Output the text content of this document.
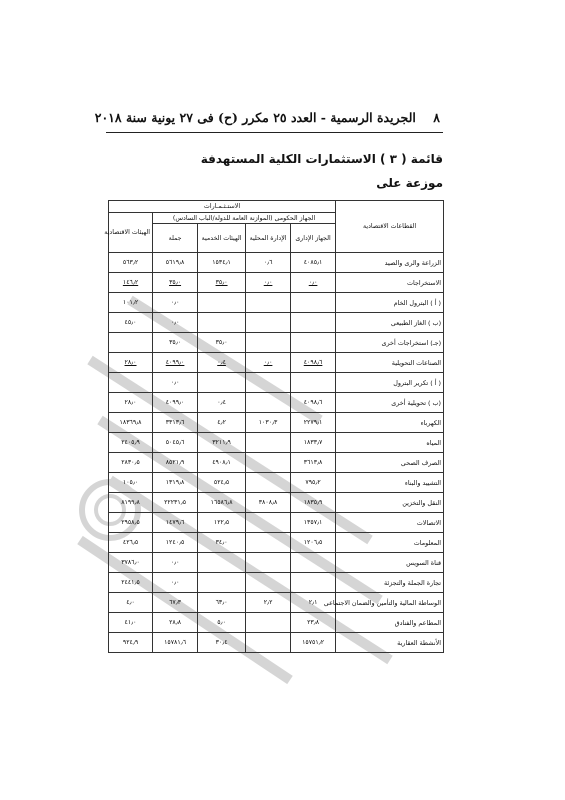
٨    الجريدة الرسمية - العدد ٢٥ مكرر (ح) فى ٢٧ يونية سنة ٢٠١٨
قائمة ( ٣ ) الاستثمارات الكلية المستهدفة
موزعة على
القطاعات الاقتصادية	الاستـثـمـارات				
	الجهاز الحكومى (الموازنة العامة للدولة/الباب السادس)				الهيئات الاقتصادية
	الجهاز الإدارى	الإدارة المحلية	الهيئات الخدمية	جملة	
الزراعة والرى والصيد	٤٠٨٥٫١	٠٫٦	١٥٣٤٫١	٥٦١٩٫٨	٥٦٣٫٢
الاستخراجات	٠٫٠	٠٫٠	٣٥٫٠	٣٥٫٠	١٤٦٫٢
( أ ) البترول الخام				٠٫٠	١٠١٫٢
(ب ) الغاز الطبيعى				٠٫٠	٤٥٫٠
(جـ) استخراجات أخرى			٣٥٫٠	٣٥٫٠	
الصناعات التحويلية	٤٠٩٨٫٦	٠٫٠	٠٫٤	٤٠٩٩٫٠	٢٨٫٠
( أ ) تكرير البترول				٠٫٠	
(ب ) تحويلية أخرى	٤٠٩٨٫٦		٠٫٤	٤٠٩٩٫٠	٢٨٫٠
الكهرباء	٢٢٧٩٫١	١٠٣٠٫٣	٤٫٢	٣٣١٣٫٦	١٨٣٦٩٫٨
المياه	١٨٣٣٫٧		٣٢١١٫٩	٥٠٤٥٫٦	٢٤٠٥٫٩
الصرف الصحى	٣٦١٣٫٨		٤٩٠٨٫١	٨٥٢١٫٩	٢٨٣٠٫٥
التشييد والبناء	٧٩٥٫٢		٥٢٤٫٥	١٣١٩٫٨	١٠٥٫٠
النقل والتخزين	١٨٣٥٫٩	٣٨٠٨٫٨	١٦٥٨٦٫٨	٢٢٢٣١٫٥	٨١٩٩٫٨
الاتصالات	١٣٥٧٫١		١٢٢٫٥	١٤٧٩٫٦	٢٩٥٨٫٥
المعلومات	١٢٠٦٫٥		٣٤٫٠	١٢٤٠٫٥	٤٢٦٫٥
قناة السويس				٠٫٠	٣٧٨٦٫٠
تجارة الجملة والتجزئة				٠٫٠	٢٤٤١٫٥
الوساطة المالية والتأمين والضمان الاجتماعى	٢٫١	٢٫٢	٦٣٫٠	٦٧٫٣	٤٫٠
المطاعم والفنادق	٢٣٫٨		٥٫٠	٢٨٫٨	٤١٫٠
الأنشطة العقارية	١٥٧٥١٫٢		٣٠٫٤	١٥٧٨١٫٦	٩٢٤٫٩
